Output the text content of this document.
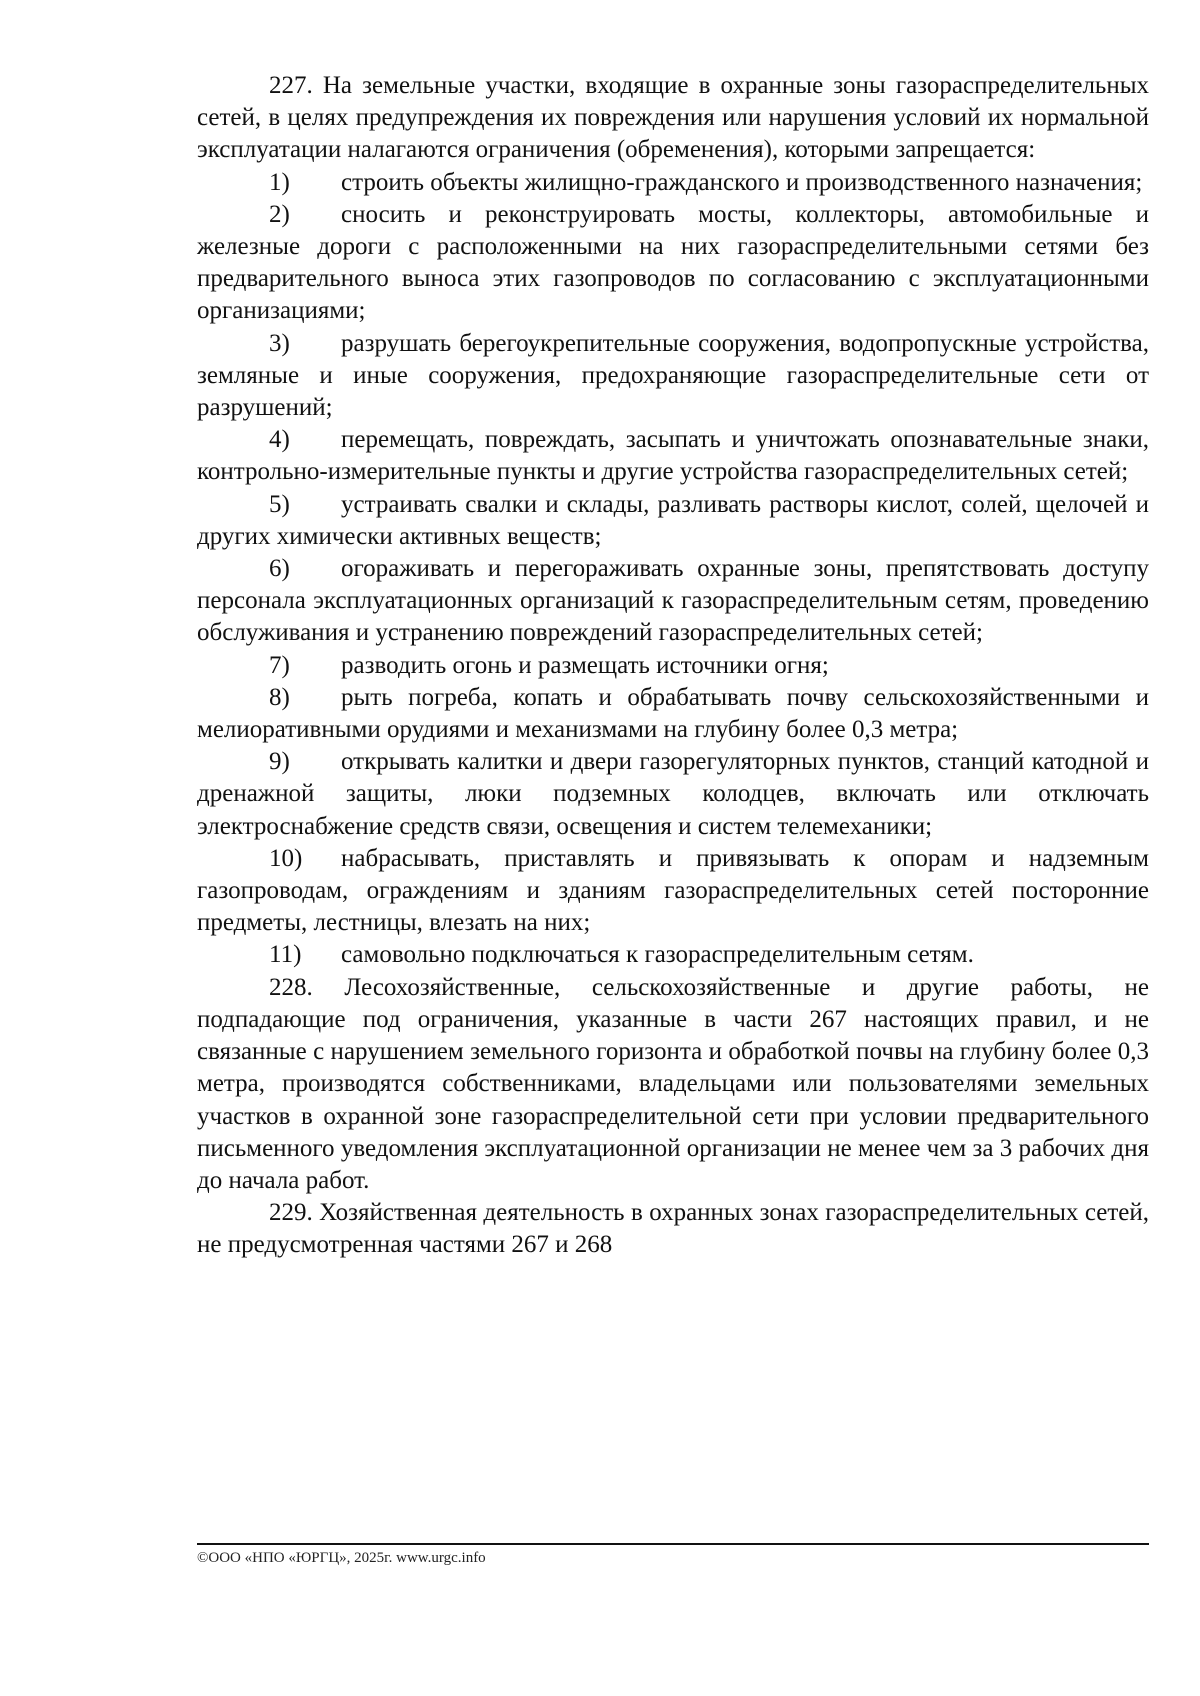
227. На земельные участки, входящие в охранные зоны газораспределительных сетей, в целях предупреждения их повреждения или нарушения условий их нормальной эксплуатации налагаются ограничения (обременения), которыми запрещается:

1) строить объекты жилищно-гражданского и производственного назначения;

2) сносить и реконструировать мосты, коллекторы, автомобильные и железные дороги с расположенными на них газораспределительными сетями без предварительного выноса этих газопроводов по согласованию с эксплуатационными организациями;

3) разрушать берегоукрепительные сооружения, водопропускные устройства, земляные и иные сооружения, предохраняющие газораспределительные сети от разрушений;

4) перемещать, повреждать, засыпать и уничтожать опознавательные знаки, контрольно-измерительные пункты и другие устройства газораспределительных сетей;

5) устраивать свалки и склады, разливать растворы кислот, солей, щелочей и других химически активных веществ;

6) огораживать и перегораживать охранные зоны, препятствовать доступу персонала эксплуатационных организаций к газораспределительным сетям, проведению обслуживания и устранению повреждений газораспределительных сетей;

7) разводить огонь и размещать источники огня;

8) рыть погреба, копать и обрабатывать почву сельскохозяйственными и мелиоративными орудиями и механизмами на глубину более 0,3 метра;

9) открывать калитки и двери газорегуляторных пунктов, станций катодной и дренажной защиты, люки подземных колодцев, включать или отключать электроснабжение средств связи, освещения и систем телемеханики;

10) набрасывать, приставлять и привязывать к опорам и надземным газопроводам, ограждениям и зданиям газораспределительных сетей посторонние предметы, лестницы, влезать на них;

11) самовольно подключаться к газораспределительным сетям.

228. Лесохозяйственные, сельскохозяйственные и другие работы, не подпадающие под ограничения, указанные в части 267 настоящих правил, и не связанные с нарушением земельного горизонта и обработкой почвы на глубину более 0,3 метра, производятся собственниками, владельцами или пользователями земельных участков в охранной зоне газораспределительной сети при условии предварительного письменного уведомления эксплуатационной организации не менее чем за 3 рабочих дня до начала работ.

229. Хозяйственная деятельность в охранных зонах газораспределительных сетей, не предусмотренная частями 267 и 268

©ООО «НПО «ЮРГЦ», 2025г. www.urgc.info
